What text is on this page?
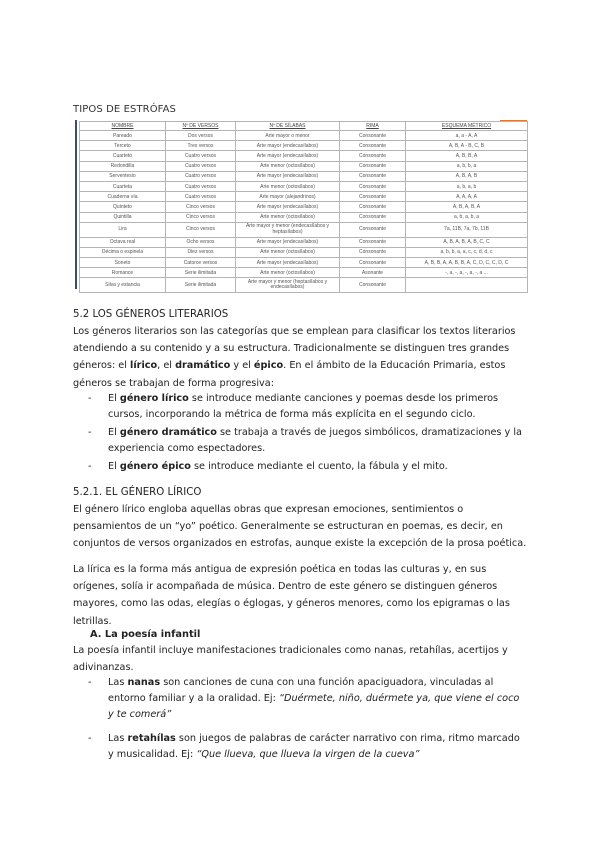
TIPOS DE ESTRÓFAS
NOMBRE	Nº DE VERSOS	Nº DE SÍLABAS	RIMA	ESQUEMA MÉTRICO
Pareado	Dos versos	Arte mayor o menor	Consonante	a, a - A, A
Terceto	Tres versos	Arte mayor (endecasílabos)	Consonante	A, B, A - B, C, B
Cuarteto	Cuatro versos	Arte mayor (endecasílabos)	Consonante	A, B, B, A
Redondilla	Cuatro versos	Arte menor (octosílabos)	Consonante	a, b, b, a
Serventesio	Cuatro versos	Arte mayor (endecasílabos)	Consonante	A, B, A, B
Cuarteta	Cuatro versos	Arte menor (octosílabos)	Consonante	a, b, a, b
Cuaderna vía	Cuatro versos	Arte mayor (alejandrinos)	Consonante	A, A, A, A
Quinteto	Cinco versos	Arte mayor (endecasílabos)	Consonante	A, B, A, B, A
Quintilla	Cinco versos	Arte menor (octosílabos)	Consonante	a, b, a, b, a
Lira	Cinco versos	Arte mayor y menor (endecasílabos y heptasílabos)	Consonante	7a, 11B, 7a, 7b, 11B
Octava real	Ocho versos	Arte mayor (endecasílabos)	Consonante	A, B, A, B, A, B, C, C
Décima o espinela	Diez versos	Arte menor (octosílabos)	Consonante	a, b, b, a, a, c, c, d, d, c
Soneto	Catorce versos	Arte mayor (endecasílabos)	Consonante	A, B, B, A, A, B, B, A, C, D, C, C, D, C
Romance	Serie ilimitada	Arte menor (octosílabos)	Asonante	-, a, -, a, -, a, -, a ...
Silva y estancia	Serie ilimitada	Arte mayor y menor (heptasílabos y endecasílabos)	Consonante	
5.2 LOS GÉNEROS LITERARIOS
Los géneros literarios son las categorías que se emplean para clasificar los textos literarios atendiendo a su contenido y a su estructura. Tradicionalmente se distinguen tres grandes géneros: el lírico, el dramático y el épico. En el ámbito de la Educación Primaria, estos géneros se trabajan de forma progresiva:
-	El género lírico se introduce mediante canciones y poemas desde los primeros cursos, incorporando la métrica de forma más explícita en el segundo ciclo.
-	El género dramático se trabaja a través de juegos simbólicos, dramatizaciones y la experiencia como espectadores.
-	El género épico se introduce mediante el cuento, la fábula y el mito.
5.2.1. EL GÉNERO LÍRICO
El género lírico engloba aquellas obras que expresan emociones, sentimientos o pensamientos de un “yo” poético. Generalmente se estructuran en poemas, es decir, en conjuntos de versos organizados en estrofas, aunque existe la excepción de la prosa poética.
La lírica es la forma más antigua de expresión poética en todas las culturas y, en sus orígenes, solía ir acompañada de música. Dentro de este género se distinguen géneros mayores, como las odas, elegías o églogas, y géneros menores, como los epigramas o las letrillas.
A. La poesía infantil
La poesía infantil incluye manifestaciones tradicionales como nanas, retahílas, acertijos y adivinanzas.
-	Las nanas son canciones de cuna con una función apaciguadora, vinculadas al entorno familiar y a la oralidad. Ej: “Duérmete, niño, duérmete ya, que viene el coco y te comerá”
-	Las retahílas son juegos de palabras de carácter narrativo con rima, ritmo marcado y musicalidad. Ej: “Que llueva, que llueva la virgen de la cueva”
